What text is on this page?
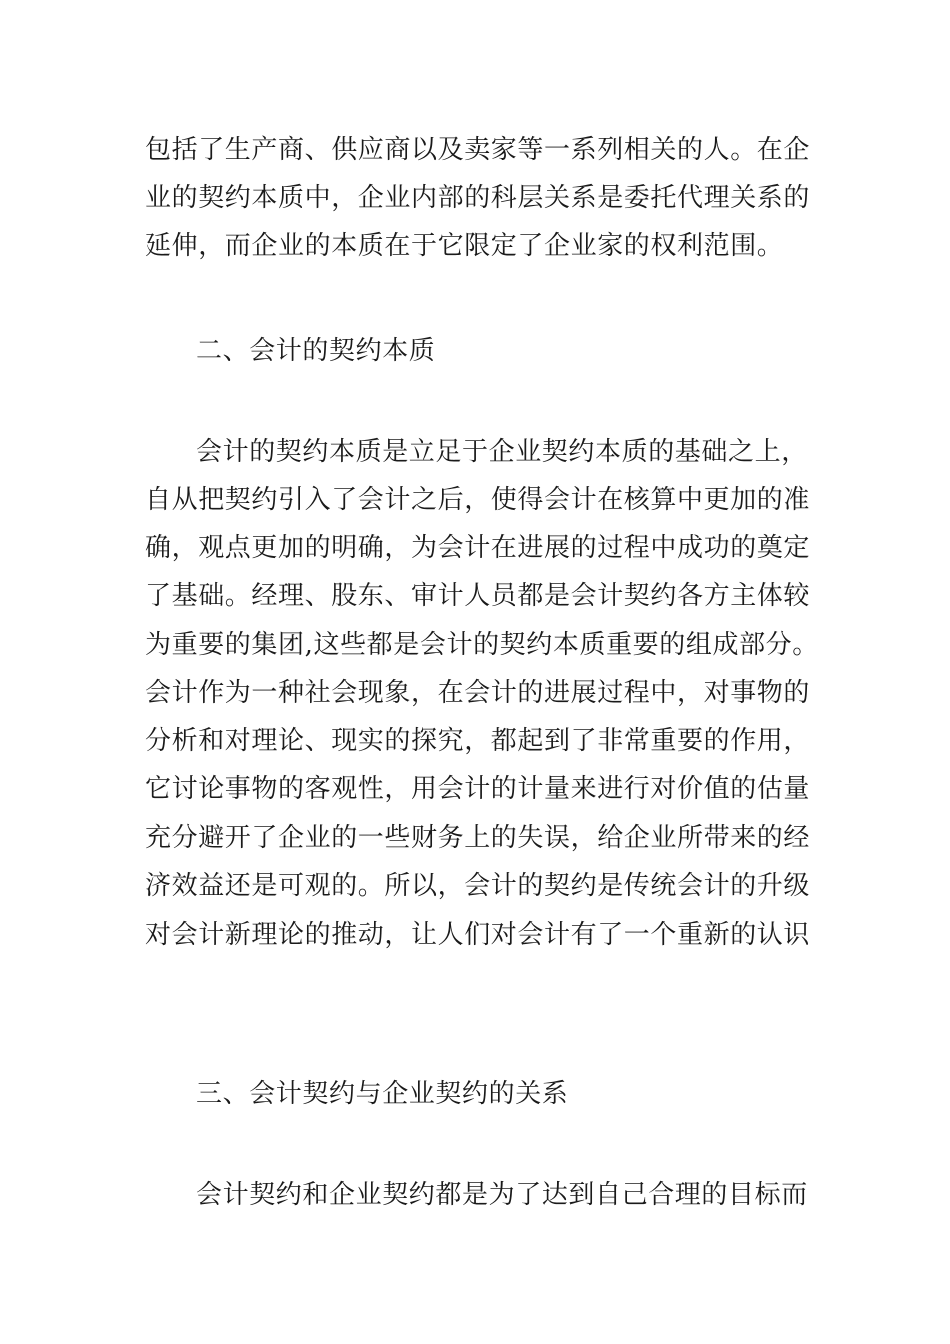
包括了生产商、供应商以及卖家等一系列相关的人。在企
业的契约本质中，企业内部的科层关系是委托代理关系的
延伸，而企业的本质在于它限定了企业家的权利范围。
二、会计的契约本质
会计的契约本质是立足于企业契约本质的基础之上，
自从把契约引入了会计之后，使得会计在核算中更加的准
确，观点更加的明确，为会计在进展的过程中成功的奠定
了基础。经理、股东、审计人员都是会计契约各方主体较
为重要的集团,这些都是会计的契约本质重要的组成部分。
会计作为一种社会现象，在会计的进展过程中，对事物的
分析和对理论、现实的探究，都起到了非常重要的作用，
它讨论事物的客观性，用会计的计量来进行对价值的估量
充分避开了企业的一些财务上的失误，给企业所带来的经
济效益还是可观的。所以，会计的契约是传统会计的升级
对会计新理论的推动，让人们对会计有了一个重新的认识
三、会计契约与企业契约的关系
会计契约和企业契约都是为了达到自己合理的目标而
